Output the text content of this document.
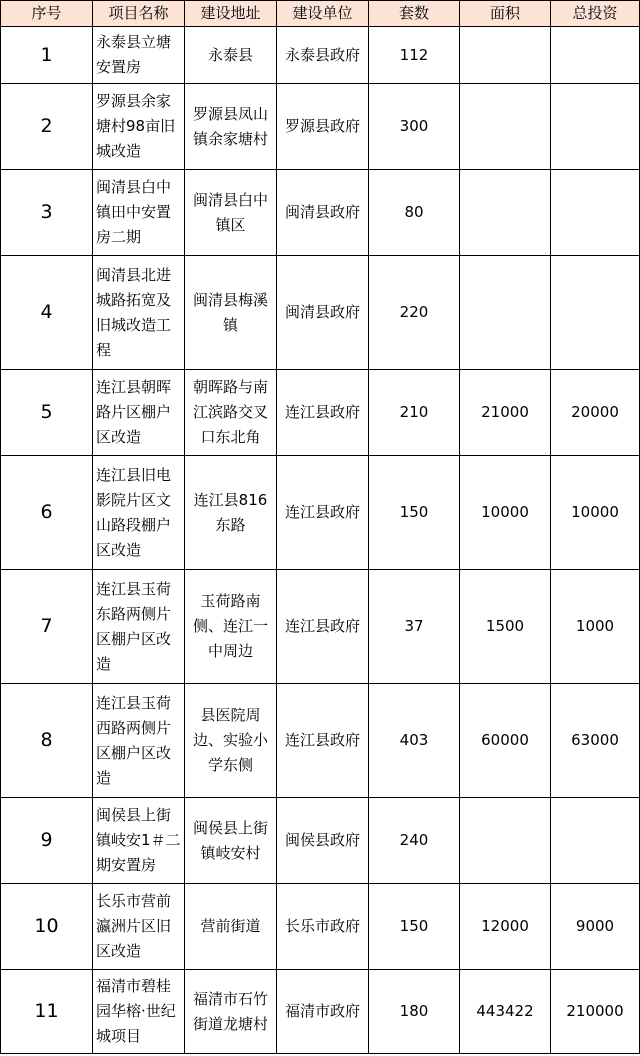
序号	项目名称	建设地址	建设单位	套数	面积	总投资
1	永泰县立塘安置房	永泰县	永泰县政府	112		
2	罗源县余家塘村98亩旧城改造	罗源县凤山镇余家塘村	罗源县政府	300		
3	闽清县白中镇田中安置房二期	闽清县白中镇区	闽清县政府	80		
4	闽清县北进城路拓宽及旧城改造工程	闽清县梅溪镇	闽清县政府	220		
5	连江县朝晖路片区棚户区改造	朝晖路与南江滨路交叉口东北角	连江县政府	210	21000	20000
6	连江县旧电影院片区文山路段棚户区改造	连江县816东路	连江县政府	150	10000	10000
7	连江县玉荷东路两侧片区棚户区改造	玉荷路南侧、连江一中周边	连江县政府	37	1500	1000
8	连江县玉荷西路两侧片区棚户区改造	县医院周边、实验小学东侧	连江县政府	403	60000	63000
9	闽侯县上街镇岐安1＃二期安置房	闽侯县上街镇岐安村	闽侯县政府	240		
10	长乐市营前瀛洲片区旧区改造	营前街道	长乐市政府	150	12000	9000
11	福清市碧桂园华榕·世纪城项目	福清市石竹街道龙塘村	福清市政府	180	443422	210000
